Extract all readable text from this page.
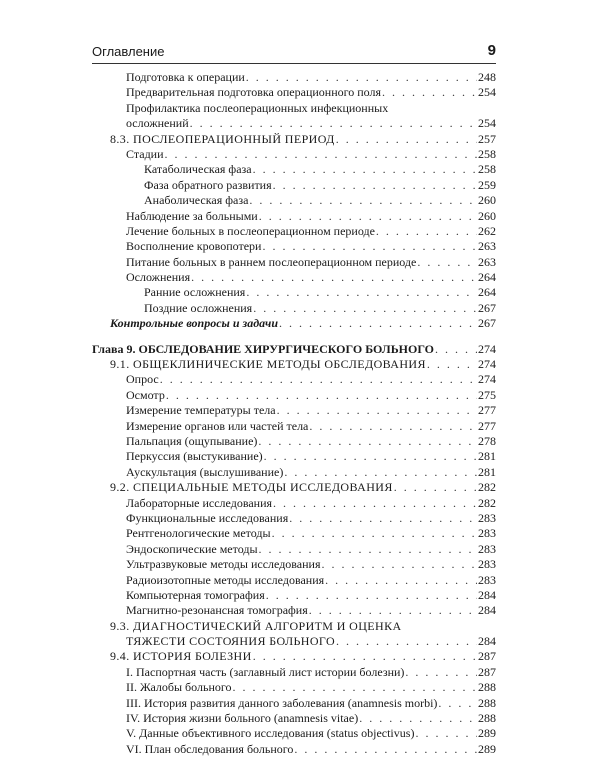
Оглавление	9
Подготовка к операции . . .	248
Предварительная подготовка операционного поля . . .	254
Профилактика послеоперационных инфекционных
осложнений . . .	254
8.3. ПОСЛЕОПЕРАЦИОННЫЙ ПЕРИОД . . .	257
Стадии . . .	258
Катаболическая фаза . . .	258
Фаза обратного развития . . .	259
Анаболическая фаза . . .	260
Наблюдение за больными . . .	260
Лечение больных в послеоперационном периоде . . .	262
Восполнение кровопотери . . .	263
Питание больных в раннем послеоперационном периоде . . .	263
Осложнения . . .	264
Ранние осложнения . . .	264
Поздние осложнения . . .	267
Контрольные вопросы и задачи . . .	267
Глава 9. ОБСЛЕДОВАНИЕ ХИРУРГИЧЕСКОГО БОЛЬНОГО . . .	274
9.1. ОБЩЕКЛИНИЧЕСКИЕ МЕТОДЫ ОБСЛЕДОВАНИЯ . . .	274
Опрос . . .	274
Осмотр . . .	275
Измерение температуры тела . . .	277
Измерение органов или частей тела . . .	277
Пальпация (ощупывание) . . .	278
Перкуссия (выстукивание) . . .	281
Аускультация (выслушивание) . . .	281
9.2. СПЕЦИАЛЬНЫЕ МЕТОДЫ ИССЛЕДОВАНИЯ . . .	282
Лабораторные исследования . . .	282
Функциональные исследования . . .	283
Рентгенологические методы . . .	283
Эндоскопические методы . . .	283
Ультразвуковые методы исследования . . .	283
Радиоизотопные методы исследования . . .	283
Компьютерная томография . . .	284
Магнитно-резонансная томография . . .	284
9.3. ДИАГНОСТИЧЕСКИЙ АЛГОРИТМ И ОЦЕНКА
ТЯЖЕСТИ СОСТОЯНИЯ БОЛЬНОГО . . .	284
9.4. ИСТОРИЯ БОЛЕЗНИ . . .	287
I. Паспортная часть (заглавный лист истории болезни) . . .	287
II. Жалобы больного . . .	288
III. История развития данного заболевания (anamnesis morbi) . . .	288
IV. История жизни больного (anamnesis vitae) . . .	288
V. Данные объективного исследования (status objectivus) . . .	289
VI. План обследования больного . . .	289
